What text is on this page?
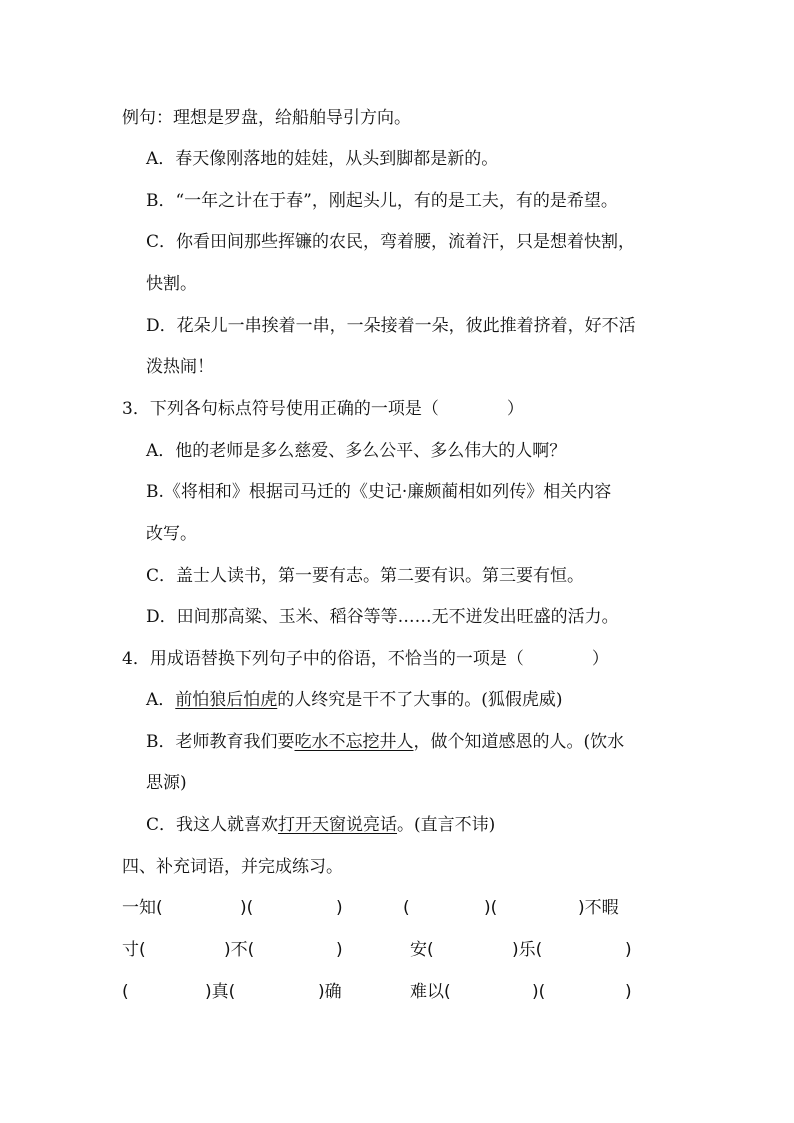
例句：理想是罗盘，给船舶导引方向。
A．春天像刚落地的娃娃，从头到脚都是新的。
B．“一年之计在于春”，刚起头儿，有的是工夫，有的是希望。
C．你看田间那些挥镰的农民，弯着腰，流着汗，只是想着快割，
快割。
D．花朵儿一串挨着一串，一朵接着一朵，彼此推着挤着，好不活
泼热闹！
3．下列各句标点符号使用正确的一项是（　　　　）
A．他的老师是多么慈爱、多么公平、多么伟大的人啊？
B.《将相和》根据司马迁的《史记·廉颇蔺相如列传》相关内容
改写。
C．盖士人读书，第一要有志。第二要有识。第三要有恒。
D．田间那高粱、玉米、稻谷等等……无不迸发出旺盛的活力。
4．用成语替换下列句子中的俗语，不恰当的一项是（　　　　）
A．前怕狼后怕虎的人终究是干不了大事的。(狐假虎威)
B．老师教育我们要吃水不忘挖井人，做个知道感恩的人。(饮水
思源)
C．我这人就喜欢打开天窗说亮话。(直言不讳)
四、补充词语，并完成练习。
一知(	)(	)	(	)(	)不暇
寸(	)不(	)	安(	)乐(	)
(	)真(	)确	难以(	)(	)
